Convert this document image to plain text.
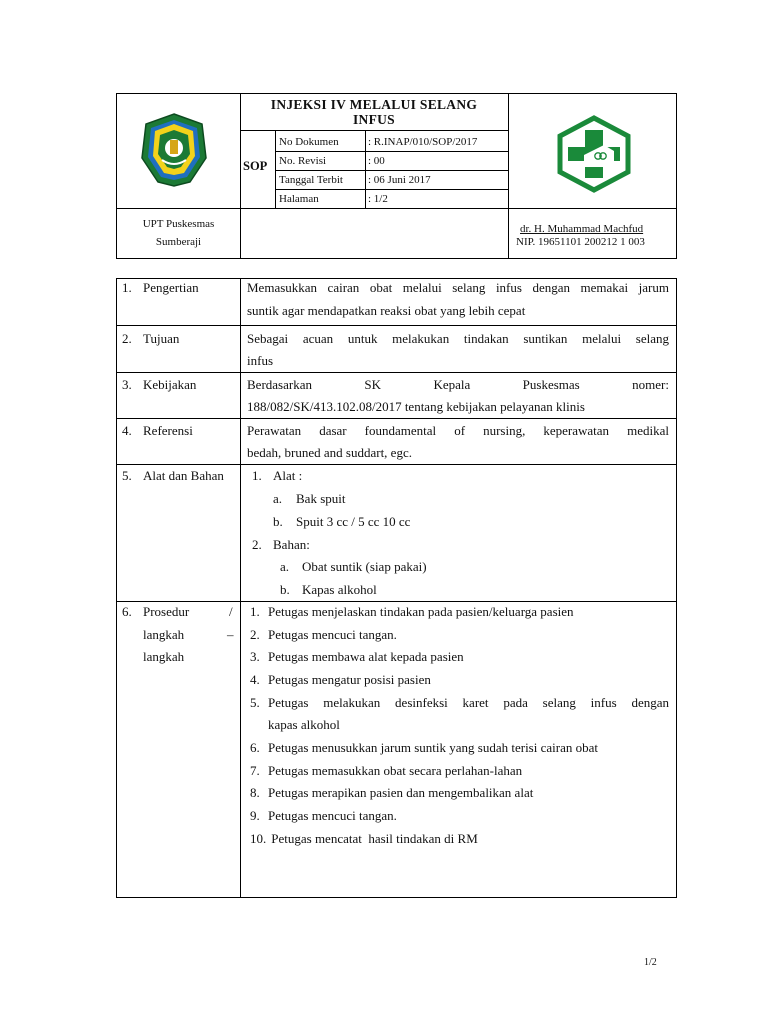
INJEKSI IV MELALUI SELANG
INFUS
SOP
No Dokumen	: R.INAP/010/SOP/2017
No. Revisi	: 00
Tanggal Terbit : 06 Juni 2017
Halaman	: 1/2
UPT Puskesmas
Sumberaji
dr. H. Muhammad Machfud
NIP. 19651101 200212 1 003
1. Pengertian	Memasukkan cairan obat melalui selang infus dengan memakai jarum
suntik agar mendapatkan reaksi obat yang lebih cepat
2. Tujuan	Sebagai acuan untuk melakukan tindakan suntikan melalui selang
infus
3. Kebijakan	Berdasarkan SK Kepala Puskesmas nomer:
188/082/SK/413.102.08/2017 tentang kebijakan pelayanan klinis
4. Referensi	Perawatan dasar foundamental of nursing, keperawatan medikal
bedah, bruned and suddart, egc.
5. Alat dan Bahan 1. Alat :
a. Bak spuit
b. Spuit 3 cc / 5 cc 10 cc
2. Bahan:
a. Obat suntik (siap pakai)
b. Kapas alkohol
6. Prosedur	/
langkah	–
langkah
1. Petugas menjelaskan tindakan pada pasien/keluarga pasien
2. Petugas mencuci tangan.
3. Petugas membawa alat kepada pasien
4. Petugas mengatur posisi pasien
5. Petugas melakukan desinfeksi karet pada selang infus dengan
kapas alkohol
6. Petugas menusukkan jarum suntik yang sudah terisi cairan obat
7. Petugas memasukkan obat secara perlahan-lahan
8. Petugas merapikan pasien dan mengembalikan alat
9. Petugas mencuci tangan.
10. Petugas mencatat  hasil tindakan di RM
1/2
